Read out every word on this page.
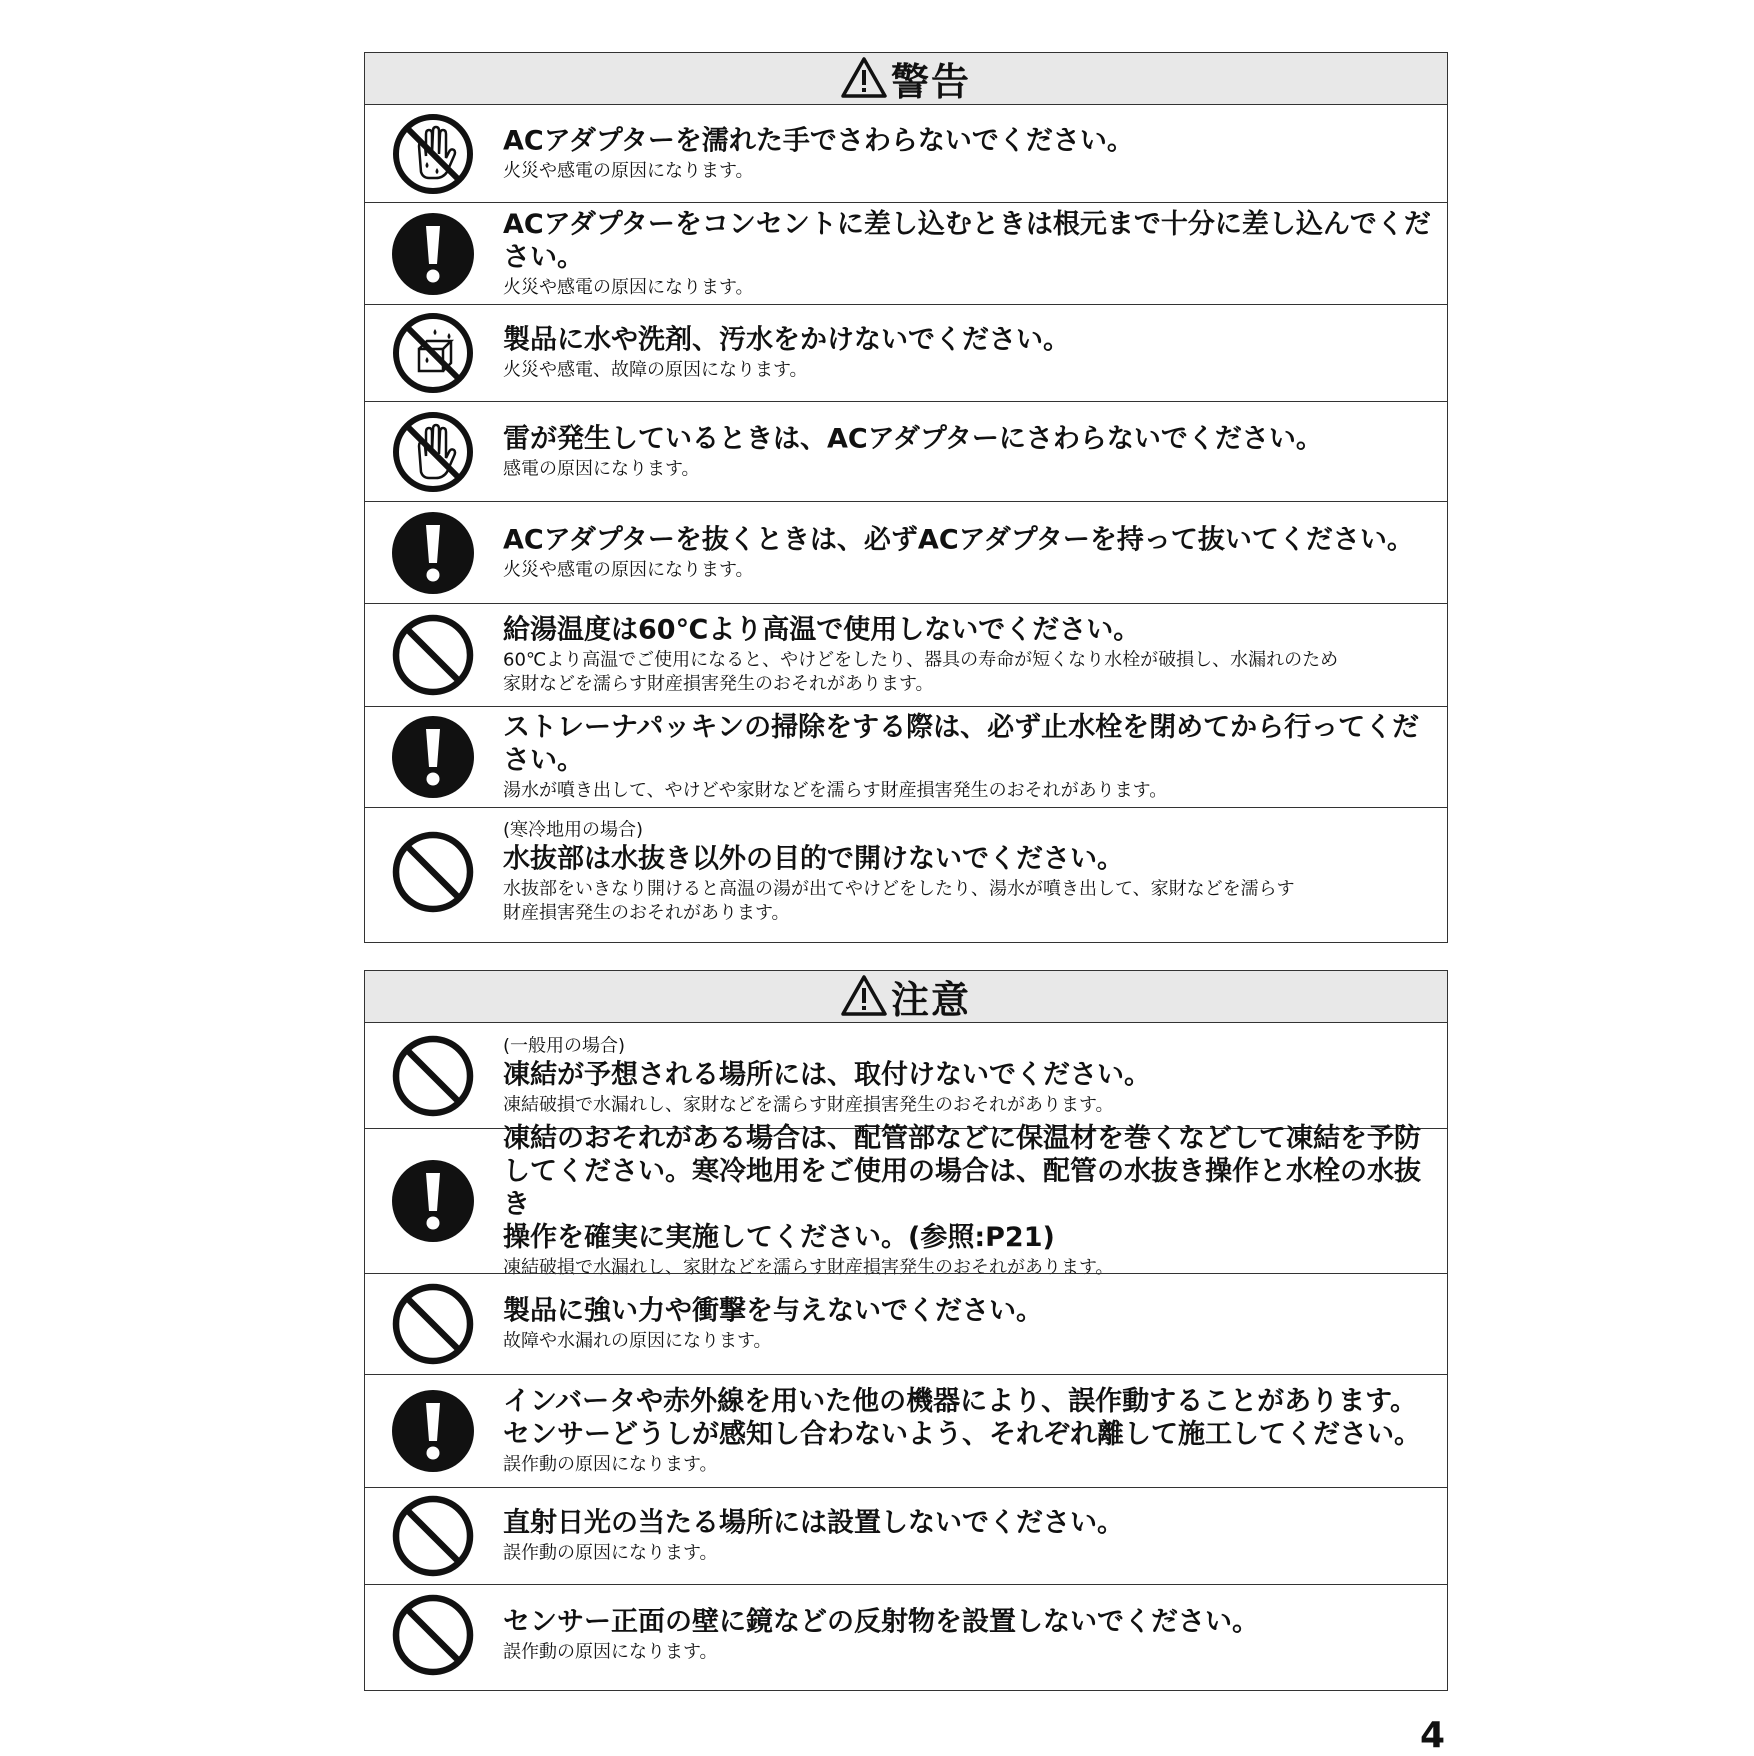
警告
ACアダプターを濡れた手でさわらないでください。
火災や感電の原因になります。
ACアダプターをコンセントに差し込むときは根元まで十分に差し込んでください。
火災や感電の原因になります。
製品に水や洗剤、汚水をかけないでください。
火災や感電、故障の原因になります。
雷が発生しているときは、ACアダプターにさわらないでください。
感電の原因になります。
ACアダプターを抜くときは、必ずACアダプターを持って抜いてください。
火災や感電の原因になります。
給湯温度は60℃より高温で使用しないでください。
60℃より高温でご使用になると、やけどをしたり、器具の寿命が短くなり水栓が破損し、水漏れのため
家財などを濡らす財産損害発生のおそれがあります。
ストレーナパッキンの掃除をする際は、必ず止水栓を閉めてから行ってください。
湯水が噴き出して、やけどや家財などを濡らす財産損害発生のおそれがあります。
(寒冷地用の場合)
水抜部は水抜き以外の目的で開けないでください。
水抜部をいきなり開けると高温の湯が出てやけどをしたり、湯水が噴き出して、家財などを濡らす
財産損害発生のおそれがあります。
注意
(一般用の場合)
凍結が予想される場所には、取付けないでください。
凍結破損で水漏れし、家財などを濡らす財産損害発生のおそれがあります。
凍結のおそれがある場合は、配管部などに保温材を巻くなどして凍結を予防
してください。寒冷地用をご使用の場合は、配管の水抜き操作と水栓の水抜き
操作を確実に実施してください。(参照:P21)
凍結破損で水漏れし、家財などを濡らす財産損害発生のおそれがあります。
製品に強い力や衝撃を与えないでください。
故障や水漏れの原因になります。
インバータや赤外線を用いた他の機器により、誤作動することがあります。
センサーどうしが感知し合わないよう、それぞれ離して施工してください。
誤作動の原因になります。
直射日光の当たる場所には設置しないでください。
誤作動の原因になります。
センサー正面の壁に鏡などの反射物を設置しないでください。
誤作動の原因になります。
4
